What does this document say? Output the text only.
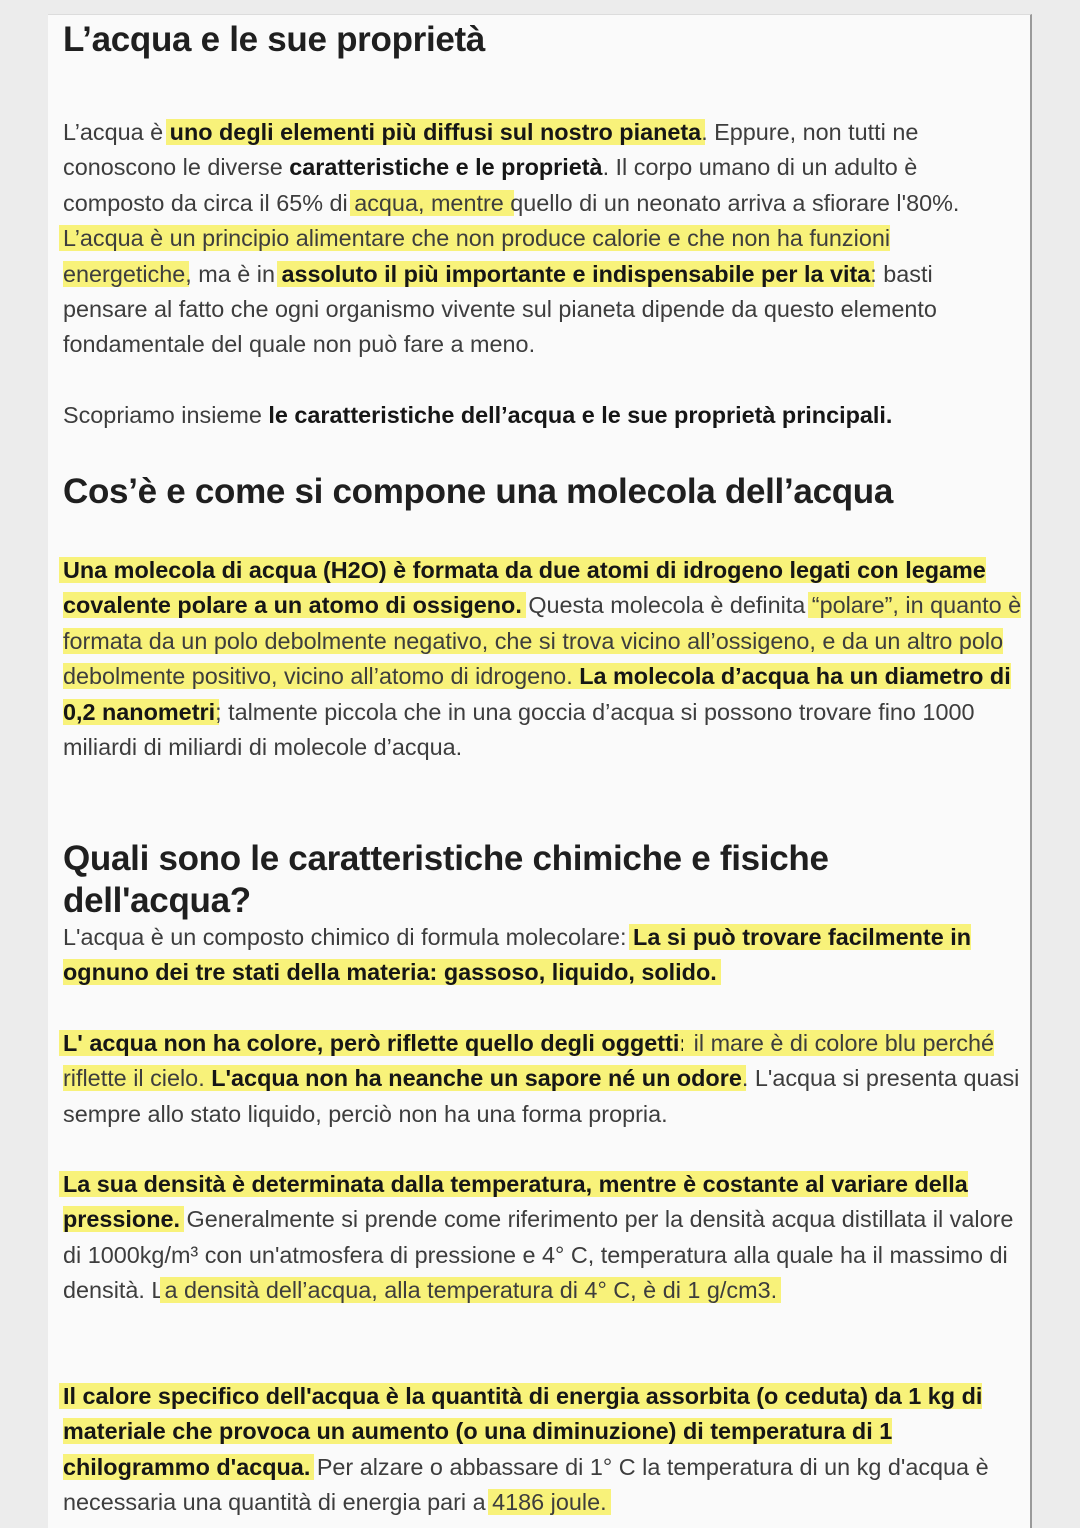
L’acqua e le sue proprietà

L’acqua è uno degli elementi più diffusi sul nostro pianeta. Eppure, non tutti ne conoscono le diverse caratteristiche e le proprietà. Il corpo umano di un adulto è composto da circa il 65% di acqua, mentre quello di un neonato arriva a sfiorare l'80%. L’acqua è un principio alimentare che non produce calorie e che non ha funzioni energetiche, ma è in assoluto il più importante e indispensabile per la vita: basti pensare al fatto che ogni organismo vivente sul pianeta dipende da questo elemento fondamentale del quale non può fare a meno.

Scopriamo insieme le caratteristiche dell’acqua e le sue proprietà principali.

Cos’è e come si compone una molecola dell’acqua

Una molecola di acqua (H2O) è formata da due atomi di idrogeno legati con legame covalente polare a un atomo di ossigeno. Questa molecola è definita “polare”, in quanto è formata da un polo debolmente negativo, che si trova vicino all’ossigeno, e da un altro polo debolmente positivo, vicino all’atomo di idrogeno. La molecola d’acqua ha un diametro di 0,2 nanometri; talmente piccola che in una goccia d’acqua si possono trovare fino 1000 miliardi di miliardi di molecole d’acqua.

Quali sono le caratteristiche chimiche e fisiche dell'acqua?

L'acqua è un composto chimico di formula molecolare: La si può trovare facilmente in ognuno dei tre stati della materia: gassoso, liquido, solido.

L' acqua non ha colore, però riflette quello degli oggetti: il mare è di colore blu perché riflette il cielo. L'acqua non ha neanche un sapore né un odore. L'acqua si presenta quasi sempre allo stato liquido, perciò non ha una forma propria.

La sua densità è determinata dalla temperatura, mentre è costante al variare della pressione. Generalmente si prende come riferimento per la densità acqua distillata il valore di 1000kg/m³ con un'atmosfera di pressione e 4° C, temperatura alla quale ha il massimo di densità. La densità dell’acqua, alla temperatura di 4° C, è di 1 g/cm3.

Il calore specifico dell'acqua è la quantità di energia assorbita (o ceduta) da 1 kg di materiale che provoca un aumento (o una diminuzione) di temperatura di 1 chilogrammo d'acqua. Per alzare o abbassare di 1° C la temperatura di un kg d'acqua è necessaria una quantità di energia pari a 4186 joule.
